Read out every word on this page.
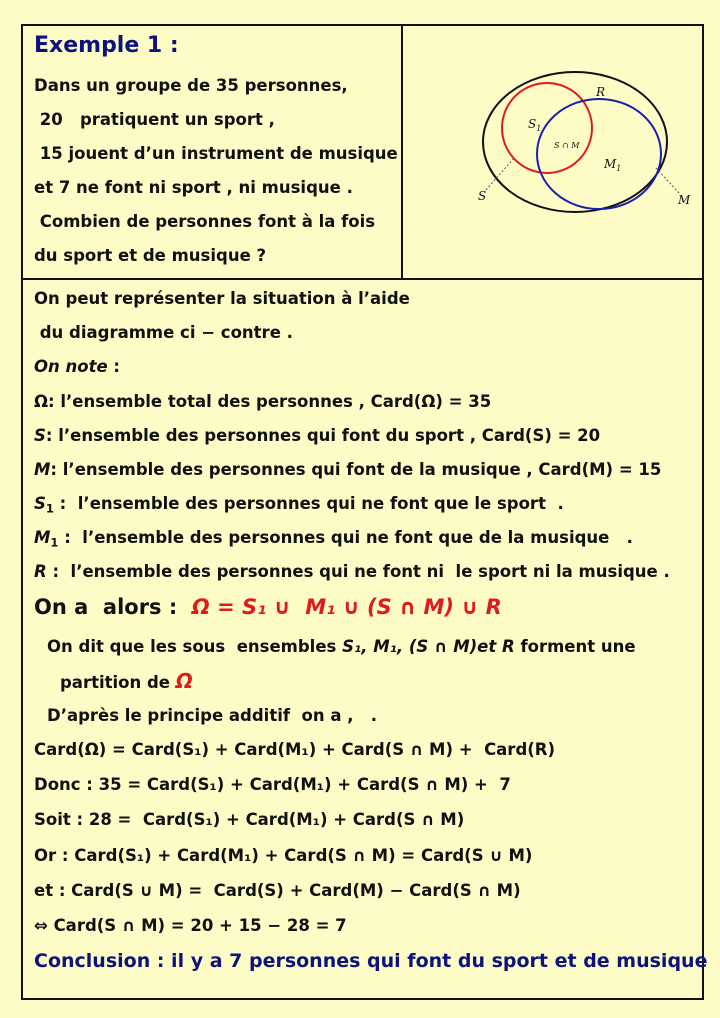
Exemple 1 :
Dans un groupe de 35 personnes,
20   pratiquent un sport ,
15 jouent d’un instrument de musique
et 7 ne font ni sport , ni musique .
Combien de personnes font à la fois
du sport et de musique ?
R
$S_1$
S ∩ M
$M_1$
S	M
On peut représenter la situation à l’aide
du diagramme ci − contre .
On note :
Ω: l’ensemble total des personnes , Card(Ω) = 35
S: l’ensemble des personnes qui font du sport , Card(S) = 20
M: l’ensemble des personnes qui font de la musique , Card(M) = 15
$S_1$ :  l’ensemble des personnes qui ne font que le sport  .
$M_1$ :  l’ensemble des personnes qui ne font que de la musique   .
R :  l’ensemble des personnes qui ne font ni  le sport ni la musique .
On a  alors : Ω = S₁ ∪  M₁ ∪ (S ∩ M) ∪ R
On dit que les sous  ensembles S₁, M₁, (S ∩ M)et R forment une
partition de Ω
D’après le principe additif  on a ,   .
Card(Ω) = Card(S₁) + Card(M₁) + Card(S ∩ M) +  Card(R)
Donc : 35 = Card(S₁) + Card(M₁) + Card(S ∩ M) +  7
Soit : 28 =  Card(S₁) + Card(M₁) + Card(S ∩ M)
Or : Card(S₁) + Card(M₁) + Card(S ∩ M) = Card(S ∪ M)
et : Card(S ∪ M) =  Card(S) + Card(M) − Card(S ∩ M)
⇔ Card(S ∩ M) = 20 + 15 − 28 = 7
Conclusion : il y a 7 personnes qui font du sport et de musique
